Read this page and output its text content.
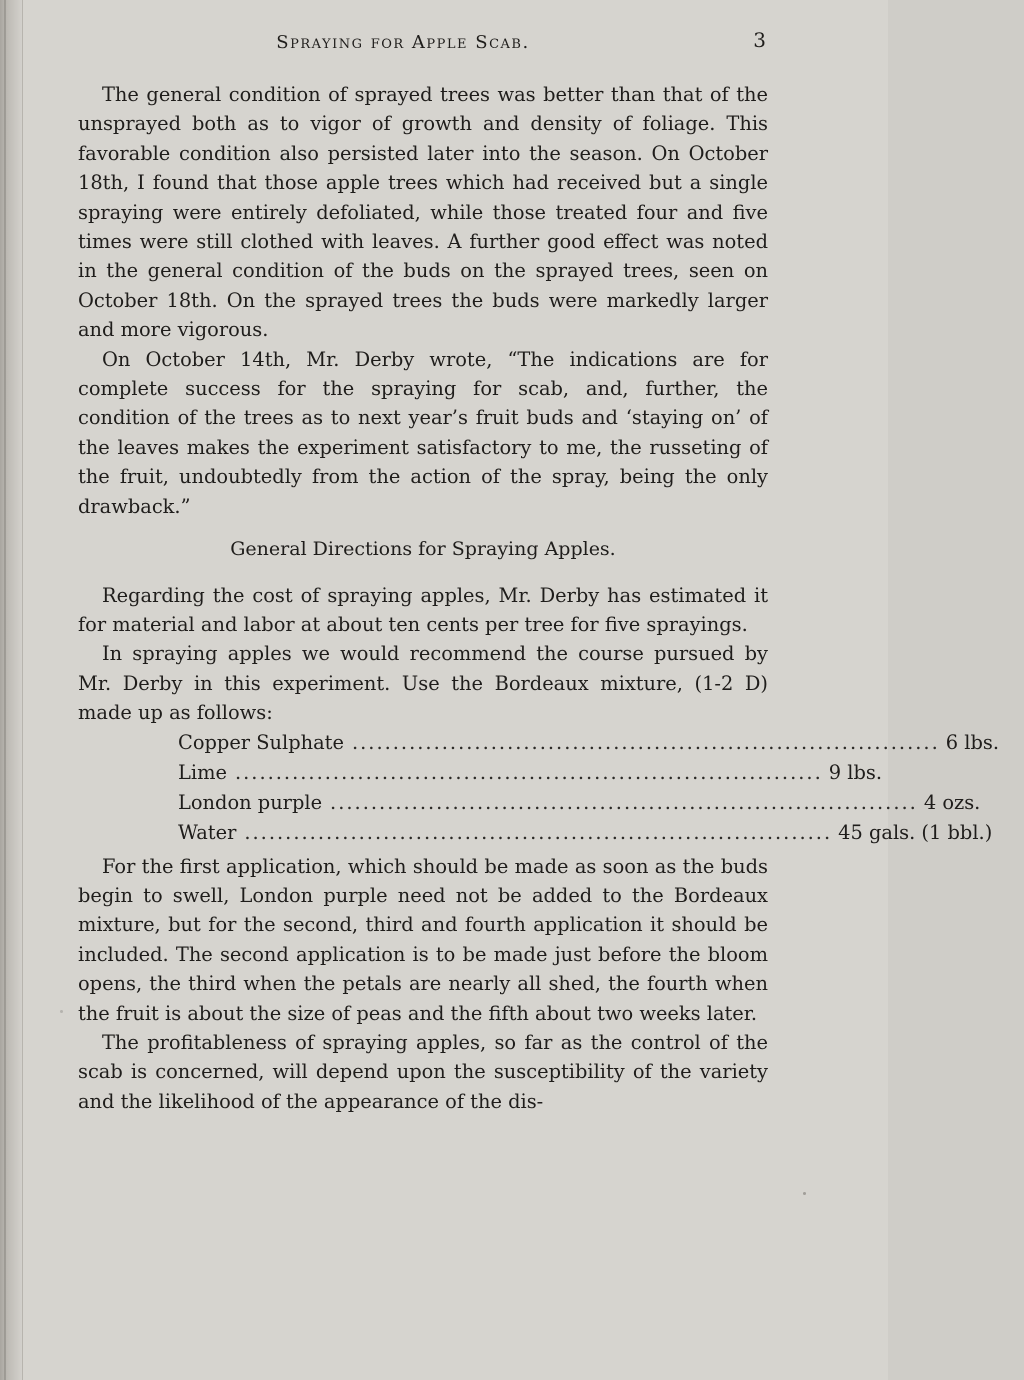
Spraying for Apple Scab.	3

The general condition of sprayed trees was better than that of the unsprayed both as to vigor of growth and density of foliage. This favorable condition also persisted later into the season. On October 18th, I found that those apple trees which had received but a single spraying were entirely defoliated, while those treated four and five times were still clothed with leaves. A further good effect was noted in the general condition of the buds on the sprayed trees, seen on October 18th. On the sprayed trees the buds were markedly larger and more vigorous.

On October 14th, Mr. Derby wrote, “The indications are for complete success for the spraying for scab, and, further, the condition of the trees as to next year’s fruit buds and ‘staying on’ of the leaves makes the experiment satisfactory to me, the russeting of the fruit, undoubtedly from the action of the spray, being the only drawback.”

General Directions for Spraying Apples.

Regarding the cost of spraying apples, Mr. Derby has estimated it for material and labor at about ten cents per tree for five sprayings.

In spraying apples we would recommend the course pursued by Mr. Derby in this experiment. Use the Bordeaux mixture, (1-2 D) made up as follows:

Copper Sulphate ........................................................................ 6 lbs.
Lime ........................................................................ 9 lbs.
London purple ........................................................................ 4 ozs.
Water ........................................................................ 45 gals. (1 bbl.)

For the first application, which should be made as soon as the buds begin to swell, London purple need not be added to the Bordeaux mixture, but for the second, third and fourth application it should be included. The second application is to be made just before the bloom opens, the third when the petals are nearly all shed, the fourth when the fruit is about the size of peas and the fifth about two weeks later.

The profitableness of spraying apples, so far as the control of the scab is concerned, will depend upon the susceptibility of the variety and the likelihood of the appearance of the dis-
